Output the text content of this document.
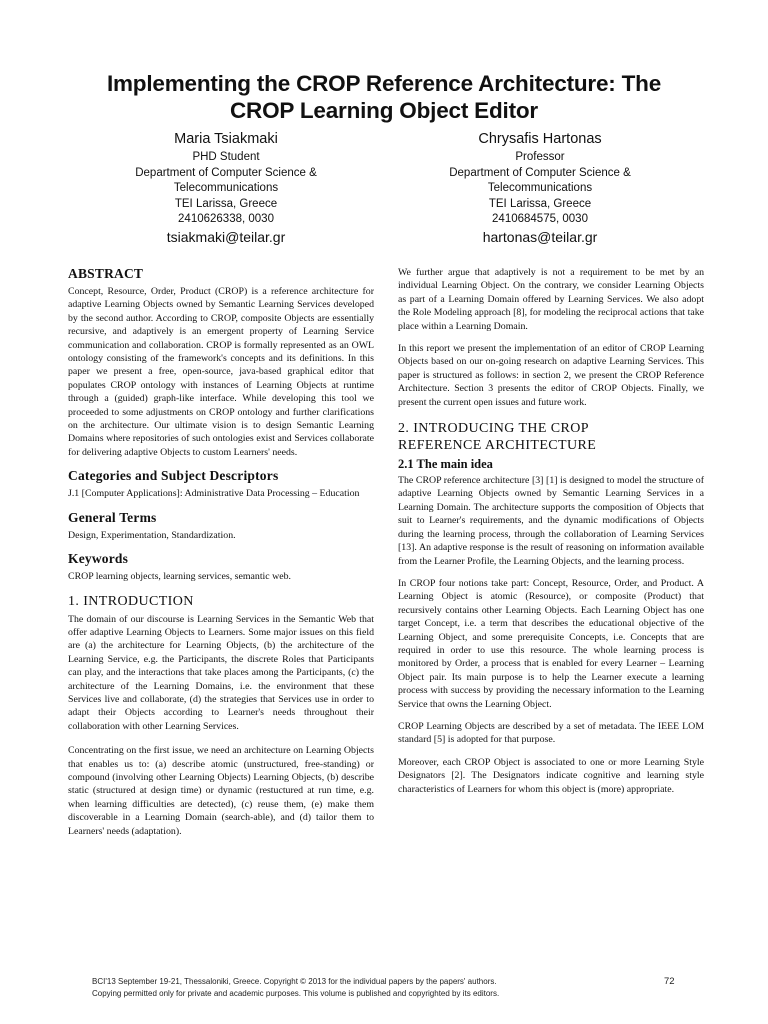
Implementing the CROP Reference Architecture: The
CROP Learning Object Editor
Maria Tsiakmaki
PHD Student
Department of Computer Science &
Telecommunications
TEI Larissa, Greece
2410626338, 0030
tsiakmaki@teilar.gr
Chrysafis Hartonas
Professor
Department of Computer Science &
Telecommunications
TEI Larissa, Greece
2410684575, 0030
hartonas@teilar.gr
ABSTRACT

Concept, Resource, Order, Product (CROP) is a reference architecture for adaptive Learning Objects owned by Semantic Learning Services developed by the second author. According to CROP, composite Objects are essentially recursive, and adaptively is an emergent property of Learning Service communication and collaboration. CROP is formally represented as an OWL ontology consisting of the framework's concepts and its definitions. In this paper we present a free, open-source, java-based graphical editor that populates CROP ontology with instances of Learning Objects at runtime through a (guided) graph-like interface. While developing this tool we proceeded to some adjustments on CROP ontology and further clarifications on the architecture. Our ultimate vision is to design Semantic Learning Domains where repositories of such ontologies exist and Services collaborate for delivering adaptive Objects to custom Learners' needs.

Categories and Subject Descriptors

J.1 [Computer Applications]: Administrative Data Processing – Education

General Terms

Design, Experimentation, Standardization.

Keywords

CROP learning objects, learning services, semantic web.

1. INTRODUCTION

The domain of our discourse is Learning Services in the Semantic Web that offer adaptive Learning Objects to Learners. Some major issues on this field are (a) the architecture for Learning Objects, (b) the architecture of the Learning Service, e.g. the Participants, the discrete Roles that Participants can play, and the interactions that take places among the Participants, (c) the architecture of the Learning Domains, i.e. the environment that these Services live and collaborate, (d) the strategies that Services use in order to adapt their Objects according to Learner's needs throughout their collaboration with other Learning Services.

Concentrating on the first issue, we need an architecture on Learning Objects that enables us to: (a) describe atomic (unstructured, free-standing) or compound (involving other Learning Objects) Learning Objects, (b) describe static (structured at design time) or dynamic (restuctured at run time, e.g. when learning difficulties are detected), (c) reuse them, (e) make them discoverable in a Learning Domain (search-able), and (d) tailor them to Learners' needs (adaptation).

We further argue that adaptively is not a requirement to be met by an individual Learning Object. On the contrary, we consider Learning Objects as part of a Learning Domain offered by Learning Services. We also adopt the Role Modeling approach [8], for modeling the reciprocal actions that take place within a Learning Domain.

In this report we present the implementation of an editor of CROP Learning Objects based on our on-going research on adaptive Learning Services. This paper is structured as follows: in section 2, we present the CROP Reference Architecture. Section 3 presents the editor of CROP Objects. Finally, we present the current open issues and future work.

2. INTRODUCING THE CROP
REFERENCE ARCHITECTURE
2.1 The main idea

The CROP reference architecture [3] [1] is designed to model the structure of adaptive Learning Objects owned by Semantic Learning Services in a Learning Domain. The architecture supports the composition of Objects that suit to Learner's requirements, and the dynamic modifications of Objects during the learning process, through the collaboration of Learning Services [13]. An adaptive response is the result of reasoning on information available from the Learner Profile, the Learning Objects, and the learning process.

In CROP four notions take part: Concept, Resource, Order, and Product. A Learning Object is atomic (Resource), or composite (Product) that recursively contains other Learning Objects. Each Learning Object has one target Concept, i.e. a term that describes the educational objective of the Learning Object, and some prerequisite Concepts, i.e. Concepts that are required in order to use this resource. The whole learning process is monitored by Order, a process that is enabled for every Learner – Learning Object pair. Its main purpose is to help the Learner execute a learning process with success by providing the necessary information to the Learning Service that owns the Learning Object.

CROP Learning Objects are described by a set of metadata. The IEEE LOM standard [5] is adopted for that purpose.

Moreover, each CROP Object is associated to one or more Learning Style Designators [2]. The Designators indicate cognitive and learning style characteristics of Learners for whom this object is (more) appropriate.

BCI'13 September 19-21, Thessaloniki, Greece. Copyright © 2013 for the individual papers by the papers' authors.
Copying permitted only for private and academic purposes. This volume is published and copyrighted by its editors.
72
